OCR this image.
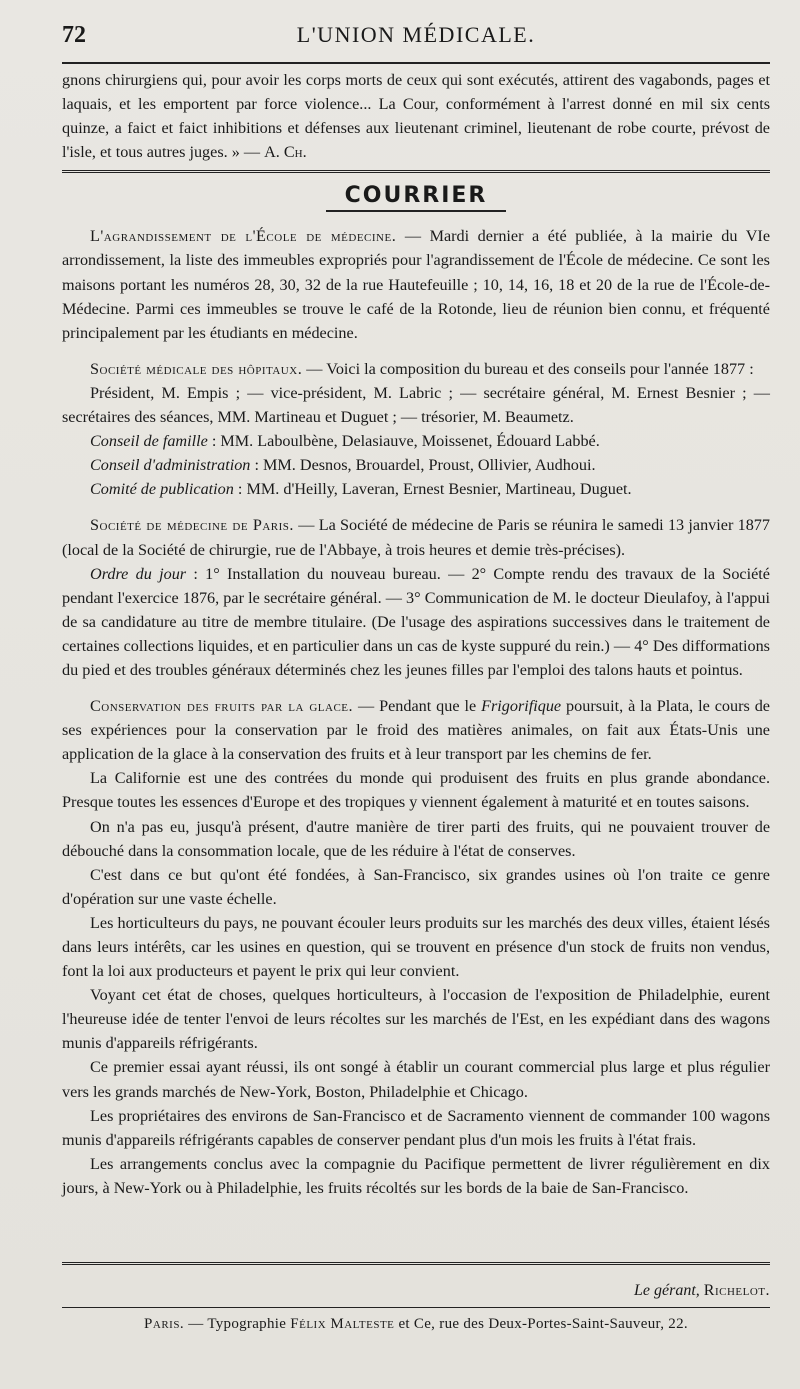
72	L'UNION MÉDICALE.

gnons chirurgiens qui, pour avoir les corps morts de ceux qui sont exécutés, attirent des vagabonds, pages et laquais, et les emportent par force violence... La Cour, conformément à l'arrest donné en mil six cents quinze, a faict et faict inhibitions et défenses aux lieutenant criminel, lieutenant de robe courte, prévost de l'isle, et tous autres juges. » — A. Ch.

COURRIER

L'agrandissement de l'École de médecine. — Mardi dernier a été publiée, à la mairie du VIe arrondissement, la liste des immeubles expropriés pour l'agrandissement de l'École de médecine. Ce sont les maisons portant les numéros 28, 30, 32 de la rue Hautefeuille ; 10, 14, 16, 18 et 20 de la rue de l'École-de-Médecine. Parmi ces immeubles se trouve le café de la Rotonde, lieu de réunion bien connu, et fréquenté principalement par les étudiants en médecine.

Société médicale des hôpitaux. — Voici la composition du bureau et des conseils pour l'année 1877 :

Président, M. Empis ; — vice-président, M. Labric ; — secrétaire général, M. Ernest Besnier ; — secrétaires des séances, MM. Martineau et Duguet ; — trésorier, M. Beaumetz.

Conseil de famille : MM. Laboulbène, Delasiauve, Moissenet, Édouard Labbé.

Conseil d'administration : MM. Desnos, Brouardel, Proust, Ollivier, Audhoui.

Comité de publication : MM. d'Heilly, Laveran, Ernest Besnier, Martineau, Duguet.

Société de médecine de Paris. — La Société de médecine de Paris se réunira le samedi 13 janvier 1877 (local de la Société de chirurgie, rue de l'Abbaye, à trois heures et demie très-précises).

Ordre du jour : 1° Installation du nouveau bureau. — 2° Compte rendu des travaux de la Société pendant l'exercice 1876, par le secrétaire général. — 3° Communication de M. le docteur Dieulafoy, à l'appui de sa candidature au titre de membre titulaire. (De l'usage des aspirations successives dans le traitement de certaines collections liquides, et en particulier dans un cas de kyste suppuré du rein.) — 4° Des difformations du pied et des troubles généraux déterminés chez les jeunes filles par l'emploi des talons hauts et pointus.

Conservation des fruits par la glace. — Pendant que le Frigorifique poursuit, à la Plata, le cours de ses expériences pour la conservation par le froid des matières animales, on fait aux États-Unis une application de la glace à la conservation des fruits et à leur transport par les chemins de fer.

La Californie est une des contrées du monde qui produisent des fruits en plus grande abondance. Presque toutes les essences d'Europe et des tropiques y viennent également à maturité et en toutes saisons.

On n'a pas eu, jusqu'à présent, d'autre manière de tirer parti des fruits, qui ne pouvaient trouver de débouché dans la consommation locale, que de les réduire à l'état de conserves.

C'est dans ce but qu'ont été fondées, à San-Francisco, six grandes usines où l'on traite ce genre d'opération sur une vaste échelle.

Les horticulteurs du pays, ne pouvant écouler leurs produits sur les marchés des deux villes, étaient lésés dans leurs intérêts, car les usines en question, qui se trouvent en présence d'un stock de fruits non vendus, font la loi aux producteurs et payent le prix qui leur convient.

Voyant cet état de choses, quelques horticulteurs, à l'occasion de l'exposition de Philadelphie, eurent l'heureuse idée de tenter l'envoi de leurs récoltes sur les marchés de l'Est, en les expédiant dans des wagons munis d'appareils réfrigérants.

Ce premier essai ayant réussi, ils ont songé à établir un courant commercial plus large et plus régulier vers les grands marchés de New-York, Boston, Philadelphie et Chicago.

Les propriétaires des environs de San-Francisco et de Sacramento viennent de commander 100 wagons munis d'appareils réfrigérants capables de conserver pendant plus d'un mois les fruits à l'état frais.

Les arrangements conclus avec la compagnie du Pacifique permettent de livrer régulièrement en dix jours, à New-York ou à Philadelphie, les fruits récoltés sur les bords de la baie de San-Francisco.

Le gérant, Richelot.
Paris. — Typographie Félix Malteste et Ce, rue des Deux-Portes-Saint-Sauveur, 22.
